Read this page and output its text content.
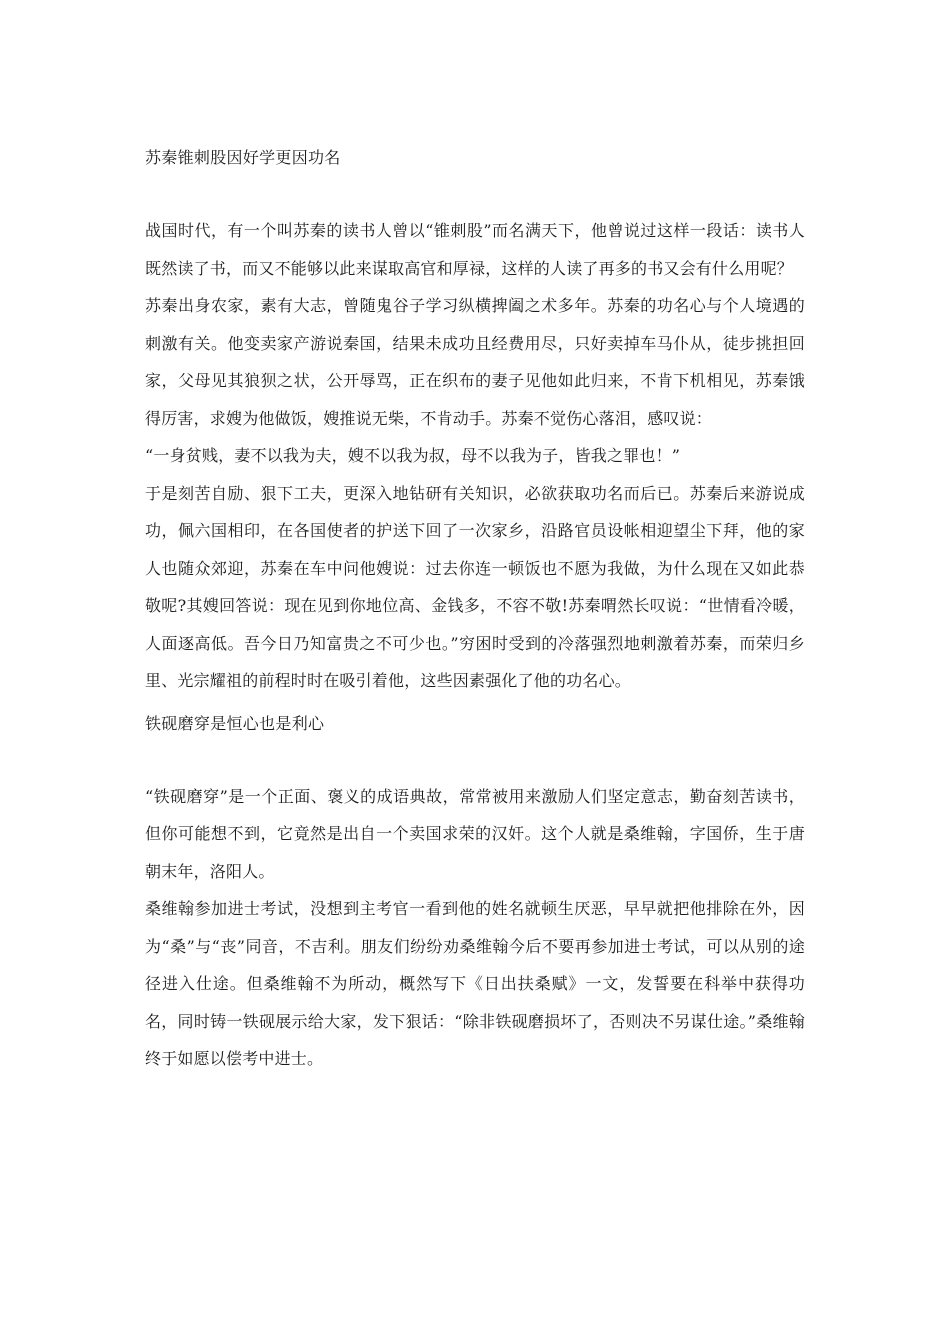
苏秦锥刺股因好学更因功名

战国时代，有一个叫苏秦的读书人曾以“锥刺股”而名满天下，他曾说过这样一段话：读书人既然读了书，而又不能够以此来谋取高官和厚禄，这样的人读了再多的书又会有什么用呢？

苏秦出身农家，素有大志，曾随鬼谷子学习纵横捭阖之术多年。苏秦的功名心与个人境遇的刺激有关。他变卖家产游说秦国，结果未成功且经费用尽，只好卖掉车马仆从，徒步挑担回家，父母见其狼狈之状，公开辱骂，正在织布的妻子见他如此归来，不肯下机相见，苏秦饿得厉害，求嫂为他做饭，嫂推说无柴，不肯动手。苏秦不觉伤心落泪，感叹说：

“一身贫贱，妻不以我为夫，嫂不以我为叔，母不以我为子，皆我之罪也！”

于是刻苦自励、狠下工夫，更深入地钻研有关知识，必欲获取功名而后已。苏秦后来游说成功，佩六国相印，在各国使者的护送下回了一次家乡，沿路官员设帐相迎望尘下拜，他的家人也随众郊迎，苏秦在车中问他嫂说：过去你连一顿饭也不愿为我做，为什么现在又如此恭敬呢?其嫂回答说：现在见到你地位高、金钱多，不容不敬!苏秦喟然长叹说：“世情看冷暖，人面逐高低。吾今日乃知富贵之不可少也。”穷困时受到的冷落强烈地刺激着苏秦，而荣归乡里、光宗耀祖的前程时时在吸引着他，这些因素强化了他的功名心。

铁砚磨穿是恒心也是利心

“铁砚磨穿”是一个正面、褒义的成语典故，常常被用来激励人们坚定意志，勤奋刻苦读书，但你可能想不到，它竟然是出自一个卖国求荣的汉奸。这个人就是桑维翰，字国侨，生于唐朝末年，洛阳人。

桑维翰参加进士考试，没想到主考官一看到他的姓名就顿生厌恶，早早就把他排除在外，因为“桑”与“丧”同音，不吉利。朋友们纷纷劝桑维翰今后不要再参加进士考试，可以从别的途径进入仕途。但桑维翰不为所动，概然写下《日出扶桑赋》一文，发誓要在科举中获得功名，同时铸一铁砚展示给大家，发下狠话：“除非铁砚磨损坏了，否则决不另谋仕途。”桑维翰终于如愿以偿考中进士。
